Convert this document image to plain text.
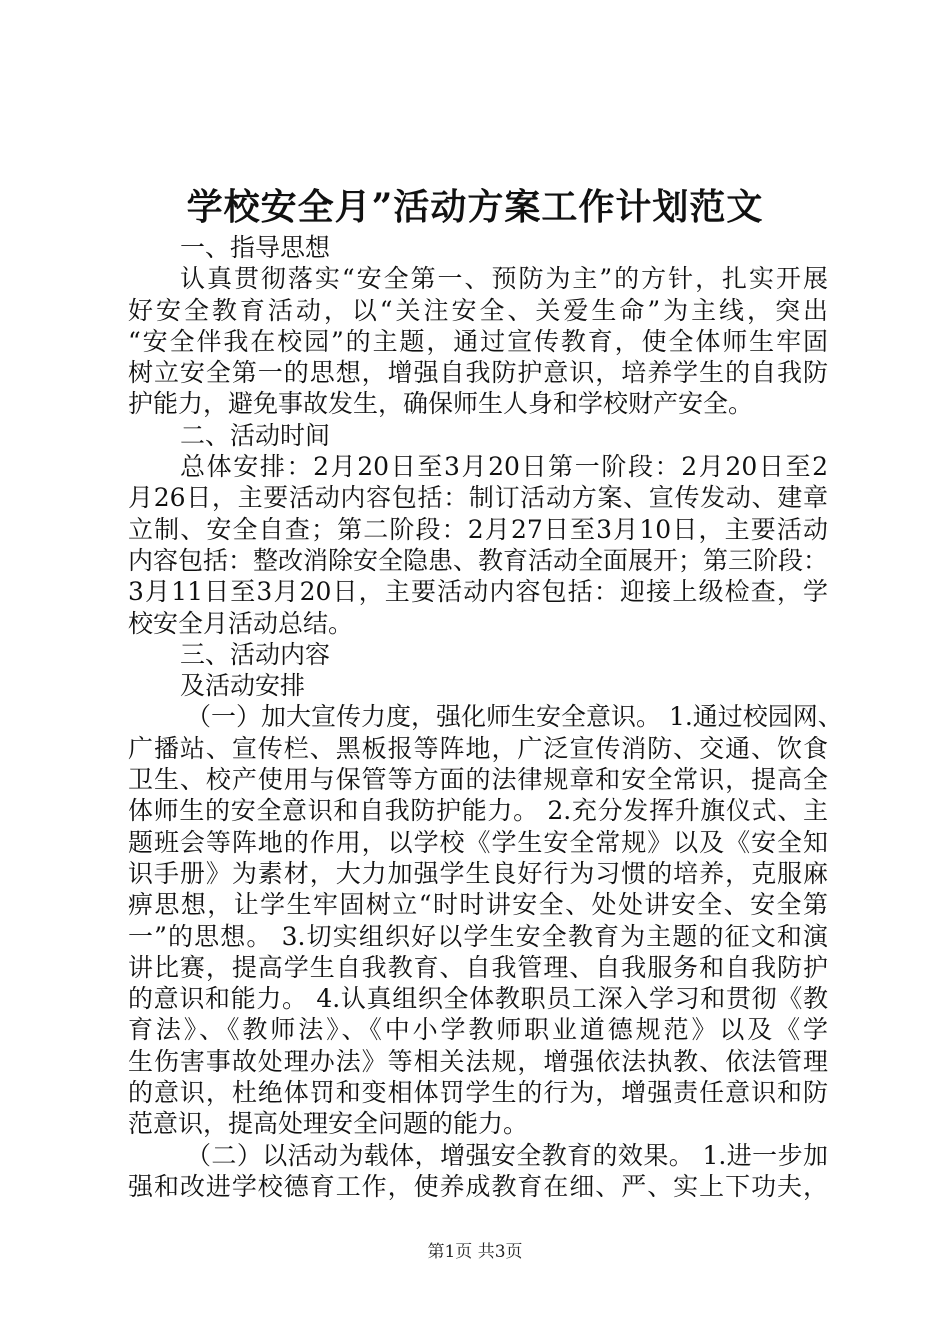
学校安全月”活动方案工作计划范文
一、指导思想
认真贯彻落实“安全第一、预防为主”的方针，扎实开展
好安全教育活动，以“关注安全、关爱生命”为主线，突出
“安全伴我在校园”的主题，通过宣传教育，使全体师生牢固
树立安全第一的思想，增强自我防护意识，培养学生的自我防
护能力，避免事故发生，确保师生人身和学校财产安全。
二、活动时间
总体安排：2月20日至3月20日第一阶段：2月20日至2
月26日，主要活动内容包括：制订活动方案、宣传发动、建章
立制、安全自查；第二阶段：2月27日至3月10日，主要活动
内容包括：整改消除安全隐患、教育活动全面展开；第三阶段：
3月11日至3月20日，主要活动内容包括：迎接上级检查，学
校安全月活动总结。
三、活动内容
及活动安排
（一）加大宣传力度，强化师生安全意识。 1.通过校园网、
广播站、宣传栏、黑板报等阵地，广泛宣传消防、交通、饮食
卫生、校产使用与保管等方面的法律规章和安全常识，提高全
体师生的安全意识和自我防护能力。 2.充分发挥升旗仪式、主
题班会等阵地的作用，以学校《学生安全常规》以及《安全知
识手册》为素材，大力加强学生良好行为习惯的培养，克服麻
痹思想，让学生牢固树立“时时讲安全、处处讲安全、安全第
一”的思想。 3.切实组织好以学生安全教育为主题的征文和演
讲比赛，提高学生自我教育、自我管理、自我服务和自我防护
的意识和能力。 4.认真组织全体教职员工深入学习和贯彻《教
育法》、《教师法》、《中小学教师职业道德规范》以及《学
生伤害事故处理办法》等相关法规，增强依法执教、依法管理
的意识，杜绝体罚和变相体罚学生的行为，增强责任意识和防
范意识，提高处理安全问题的能力。
（二）以活动为载体，增强安全教育的效果。 1.进一步加
强和改进学校德育工作，使养成教育在细、严、实上下功夫，
第1页 共3页
